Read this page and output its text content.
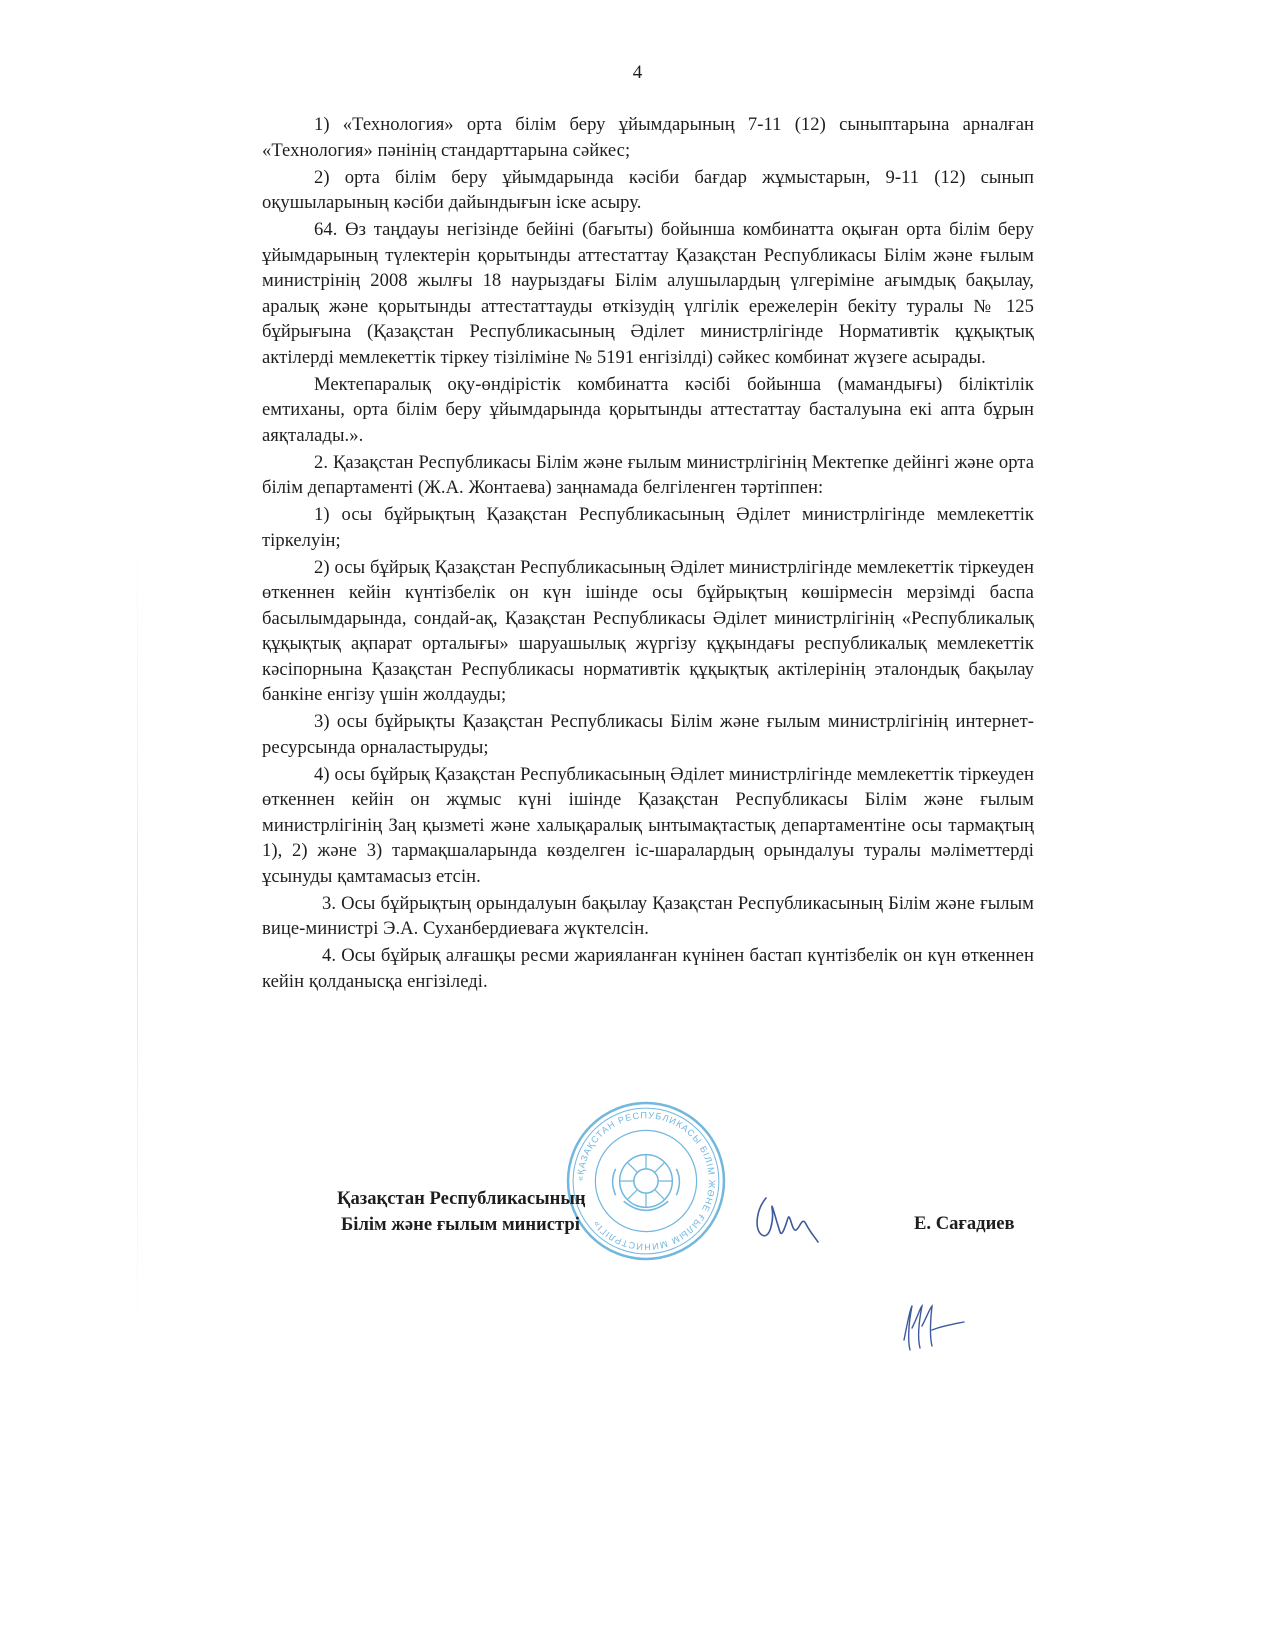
4

1) «Технология» орта білім беру ұйымдарының 7-11 (12) сыныптарына арналған «Технология» пәнінің стандарттарына сәйкес;

2) орта білім беру ұйымдарында кәсіби бағдар жұмыстарын, 9-11 (12) сынып оқушыларының кәсіби дайындығын іске асыру.

64. Өз таңдауы негізінде бейіні (бағыты) бойынша комбинатта оқыған орта білім беру ұйымдарының түлектерін қорытынды аттестаттау Қазақстан Республикасы Білім және ғылым министрінің 2008 жылғы 18 наурыздағы Білім алушылардың үлгеріміне ағымдық бақылау, аралық және қорытынды аттестаттауды өткізудің үлгілік ережелерін бекіту туралы № 125 бұйрығына (Қазақстан Республикасының Әділет министрлігінде Нормативтік құқықтық актілерді мемлекеттік тіркеу тізіліміне № 5191 енгізілді) сәйкес комбинат жүзеге асырады.

Мектепаралық оқу-өндірістік комбинатта кәсібі бойынша (мамандығы) біліктілік емтиханы, орта білім беру ұйымдарында қорытынды аттестаттау басталуына екі апта бұрын аяқталады.».

2. Қазақстан Республикасы Білім және ғылым министрлігінің Мектепке дейінгі және орта білім департаменті (Ж.А. Жонтаева) заңнамада белгіленген тәртіппен:

1) осы бұйрықтың Қазақстан Республикасының Әділет министрлігінде мемлекеттік тіркелуін;

2) осы бұйрық Қазақстан Республикасының Әділет министрлігінде мемлекеттік тіркеуден өткеннен кейін күнтізбелік он күн ішінде осы бұйрықтың көшірмесін мерзімді баспа басылымдарында, сондай-ақ, Қазақстан Республикасы Әділет министрлігінің «Республикалық құқықтық ақпарат орталығы» шаруашылық жүргізу құқындағы республикалық мемлекеттік кәсіпорнына Қазақстан Республикасы нормативтік құқықтық актілерінің эталондық бақылау банкіне енгізу үшін жолдауды;

3) осы бұйрықты Қазақстан Республикасы Білім және ғылым министрлігінің интернет-ресурсында орналастыруды;

4) осы бұйрық Қазақстан Республикасының Әділет министрлігінде мемлекеттік тіркеуден өткеннен кейін он жұмыс күні ішінде Қазақстан Республикасы Білім және ғылым министрлігінің Заң қызметі және халықаралық ынтымақтастық департаментіне осы тармақтың 1), 2) және 3) тармақшаларында көзделген іс-шаралардың орындалуы туралы мәліметтерді ұсынуды қамтамасыз етсін.

3. Осы бұйрықтың орындалуын бақылау Қазақстан Республикасының Білім және ғылым вице-министрі Э.А. Суханбердиеваға жүктелсін.

4. Осы бұйрық алғашқы ресми жарияланған күнінен бастап күнтізбелік он күн өткеннен кейін қолданысқа енгізіледі.

«ҚАЗАҚСТАН РЕСПУБЛИКАСЫ БІЛІМ ЖӘНЕ ҒЫЛЫМ МИНИСТРЛІГІ»
Қазақстан Республикасының
Білім және ғылым министрі	Е. Сағадиев
